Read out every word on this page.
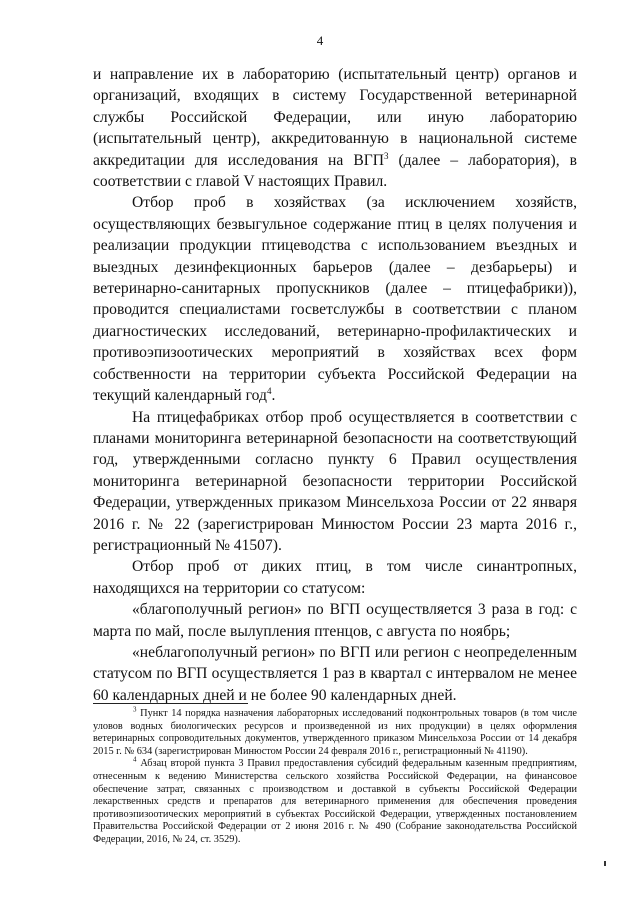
4

и направление их в лабораторию (испытательный центр) органов и организаций, входящих в систему Государственной ветеринарной службы Российской Федерации, или иную лабораторию (испытательный центр), аккредитованную в национальной системе аккредитации для исследования на ВГП$^3$ (далее – лаборатория), в соответствии с главой V настоящих Правил.

Отбор проб в хозяйствах (за исключением хозяйств, осуществляющих безвыгульное содержание птиц в целях получения и реализации продукции птицеводства с использованием въездных и выездных дезинфекционных барьеров (далее – дезбарьеры) и ветеринарно-санитарных пропускников (далее – птицефабрики)), проводится специалистами госветслужбы в соответствии с планом диагностических исследований, ветеринарно-профилактических и противоэпизоотических мероприятий в хозяйствах всех форм собственности на территории субъекта Российской Федерации на текущий календарный год$^4$.

На птицефабриках отбор проб осуществляется в соответствии с планами мониторинга ветеринарной безопасности на соответствующий год, утвержденными согласно пункту 6 Правил осуществления мониторинга ветеринарной безопасности территории Российской Федерации, утвержденных приказом Минсельхоза России от 22 января 2016 г. № 22 (зарегистрирован Минюстом России 23 марта 2016 г., регистрационный № 41507).

Отбор проб от диких птиц, в том числе синантропных, находящихся на территории со статусом:

«благополучный регион» по ВГП осуществляется 3 раза в год: с марта по май, после вылупления птенцов, с августа по ноябрь;

«неблагополучный регион» по ВГП или регион с неопределенным статусом по ВГП осуществляется 1 раз в квартал с интервалом не менее 60 календарных дней и не более 90 календарных дней.

$^3$ Пункт 14 порядка назначения лабораторных исследований подконтрольных товаров (в том числе уловов водных биологических ресурсов и произведенной из них продукции) в целях оформления ветеринарных сопроводительных документов, утвержденного приказом Минсельхоза России от 14 декабря 2015 г. № 634 (зарегистрирован Минюстом России 24 февраля 2016 г., регистрационный № 41190).

$^4$ Абзац второй пункта 3 Правил предоставления субсидий федеральным казенным предприятиям, отнесенным к ведению Министерства сельского хозяйства Российской Федерации, на финансовое обеспечение затрат, связанных с производством и доставкой в субъекты Российской Федерации лекарственных средств и препаратов для ветеринарного применения для обеспечения проведения противоэпизоотических мероприятий в субъектах Российской Федерации, утвержденных постановлением Правительства Российской Федерации от 2 июня 2016 г. № 490 (Собрание законодательства Российской Федерации, 2016, № 24, ст. 3529).
